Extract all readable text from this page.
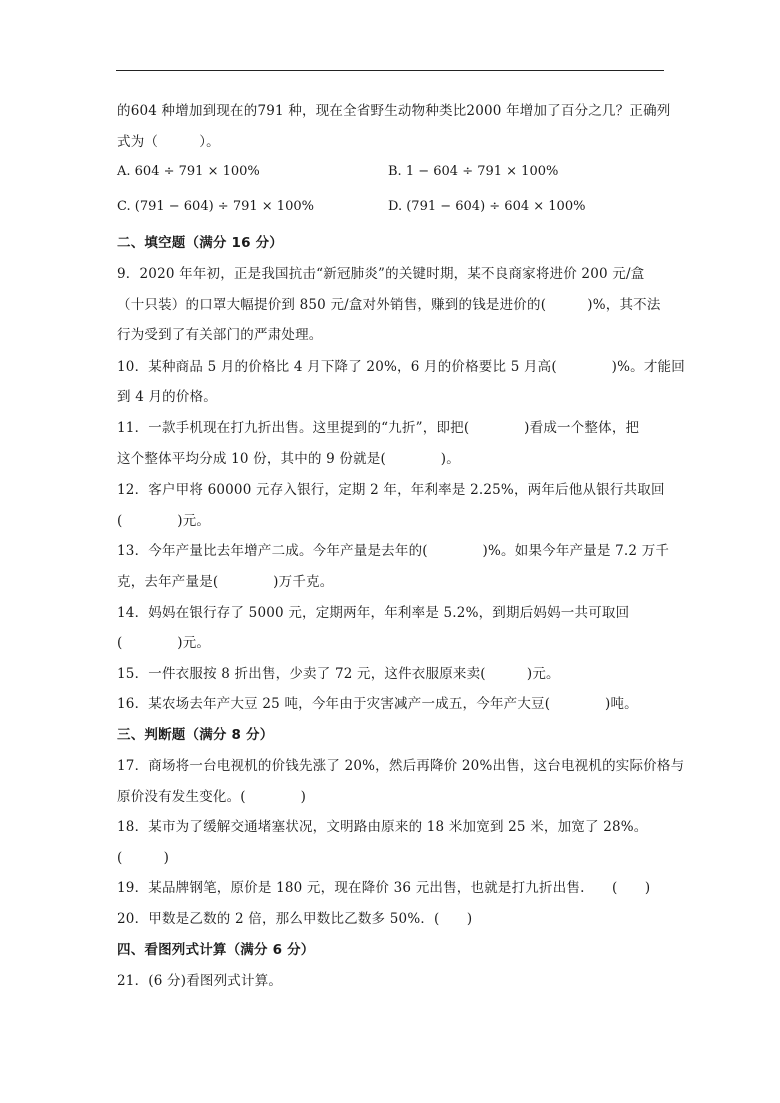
的604 种增加到现在的791 种，现在全省野生动物种类比2000 年增加了百分之几？正确列
式为（　　　）。
A. 604 ÷ 791 × 100%	B. 1 − 604 ÷ 791 × 100%
C. (791 − 604) ÷ 791 × 100%	D. (791 − 604) ÷ 604 × 100%
二、填空题（满分 16 分）
9．2020 年年初，正是我国抗击“新冠肺炎”的关键时期，某不良商家将进价 200 元/盒
（十只装）的口罩大幅提价到 850 元/盒对外销售，赚到的钱是进价的(　　　)%，其不法
行为受到了有关部门的严肃处理。
10．某种商品 5 月的价格比 4 月下降了 20%，6 月的价格要比 5 月高(　　　　)%。才能回
到 4 月的价格。
11．一款手机现在打九折出售。这里提到的“九折”，即把(　　　　)看成一个整体，把
这个整体平均分成 10 份，其中的 9 份就是(　　　　)。
12．客户甲将 60000 元存入银行，定期 2 年，年利率是 2.25%，两年后他从银行共取回
(　　　　)元。
13．今年产量比去年增产二成。今年产量是去年的(　　　　)%。如果今年产量是 7.2 万千
克，去年产量是(　　　　)万千克。
14．妈妈在银行存了 5000 元，定期两年，年利率是 5.2%，到期后妈妈一共可取回
(　　　　)元。
15．一件衣服按 8 折出售，少卖了 72 元，这件衣服原来卖(　　　)元。
16．某农场去年产大豆 25 吨，今年由于灾害减产一成五，今年产大豆(　　　　)吨。
三、判断题（满分 8 分）
17．商场将一台电视机的价钱先涨了 20%，然后再降价 20%出售，这台电视机的实际价格与
原价没有发生变化。(　　　　)
18．某市为了缓解交通堵塞状况，文明路由原来的 18 米加宽到 25 米，加宽了 28%。
(　　　)
19．某品牌钢笔，原价是 180 元，现在降价 36 元出售，也就是打九折出售.　　(　　)
20．甲数是乙数的 2 倍，那么甲数比乙数多 50%．(　　)
四、看图列式计算（满分 6 分）
21．(6 分)看图列式计算。
